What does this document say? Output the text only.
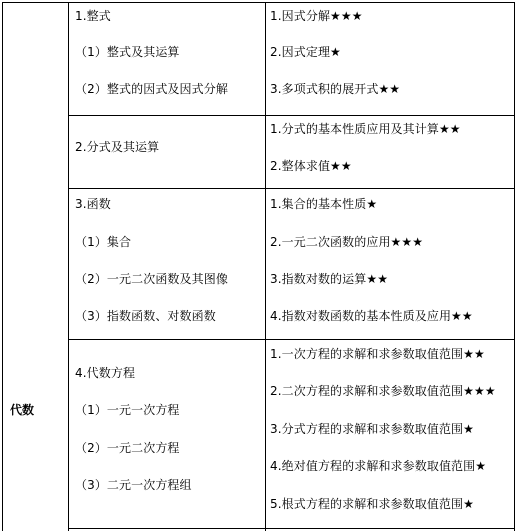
代数
1.整式
（1）整式及其运算
（2）整式的因式及因式分解
1.因式分解★★★
2.因式定理★
3.多项式积的展开式★★
2.分式及其运算
1.分式的基本性质应用及其计算★★
2.整体求值★★
3.函数
（1）集合
（2）一元二次函数及其图像
（3）指数函数、对数函数
1.集合的基本性质★
2.一元二次函数的应用★★★
3.指数对数的运算★★
4.指数对数函数的基本性质及应用★★
4.代数方程
（1）一元一次方程
（2）一元二次方程
（3）二元一次方程组
1.一次方程的求解和求参数取值范围★★
2.二次方程的求解和求参数取值范围★★★
3.分式方程的求解和求参数取值范围★
4.绝对值方程的求解和求参数取值范围★
5.根式方程的求解和求参数取值范围★
